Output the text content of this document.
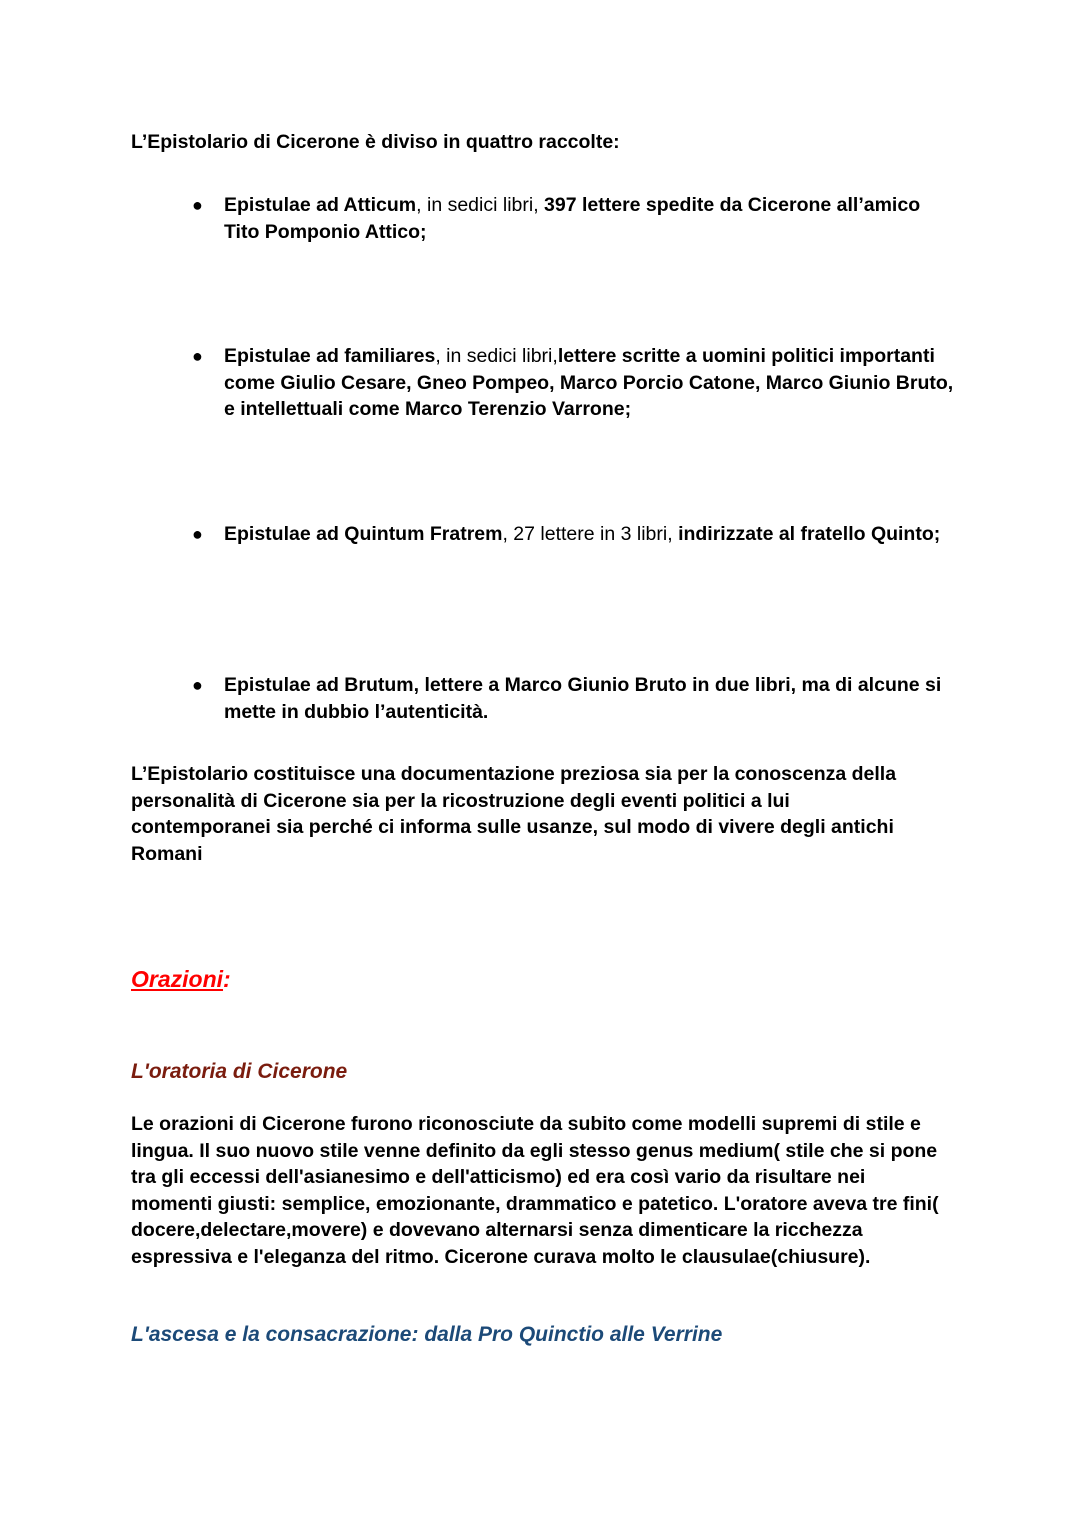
L’Epistolario di Cicerone è diviso in quattro raccolte:
● Epistulae ad Atticum, in sedici libri, 397 lettere spedite da Cicerone all’amico Tito Pomponio Attico;
● Epistulae ad familiares, in sedici libri,lettere scritte a uomini politici importanti come Giulio Cesare, Gneo Pompeo, Marco Porcio Catone, Marco Giunio Bruto, e intellettuali come Marco Terenzio Varrone;
● Epistulae ad Quintum Fratrem, 27 lettere in 3 libri, indirizzate al fratello Quinto;
● Epistulae ad Brutum, lettere a Marco Giunio Bruto in due libri, ma di alcune si mette in dubbio l’autenticità.
L’Epistolario costituisce una documentazione preziosa sia per la conoscenza della personalità di Cicerone sia per la ricostruzione degli eventi politici a lui contemporanei sia perché ci informa sulle usanze, sul modo di vivere degli antichi Romani
Orazioni:
L'oratoria di Cicerone
Le orazioni di Cicerone furono riconosciute da subito come modelli supremi di stile e lingua. Il suo nuovo stile venne definito da egli stesso genus medium( stile che si pone tra gli eccessi dell'asianesimo e dell'atticismo) ed era così vario da risultare nei momenti giusti: semplice, emozionante, drammatico e patetico. L'oratore aveva tre fini( docere,delectare,movere) e dovevano alternarsi senza dimenticare la ricchezza espressiva e l'eleganza del ritmo. Cicerone curava molto le clausulae(chiusure).
L'ascesa e la consacrazione: dalla Pro Quinctio alle Verrine
